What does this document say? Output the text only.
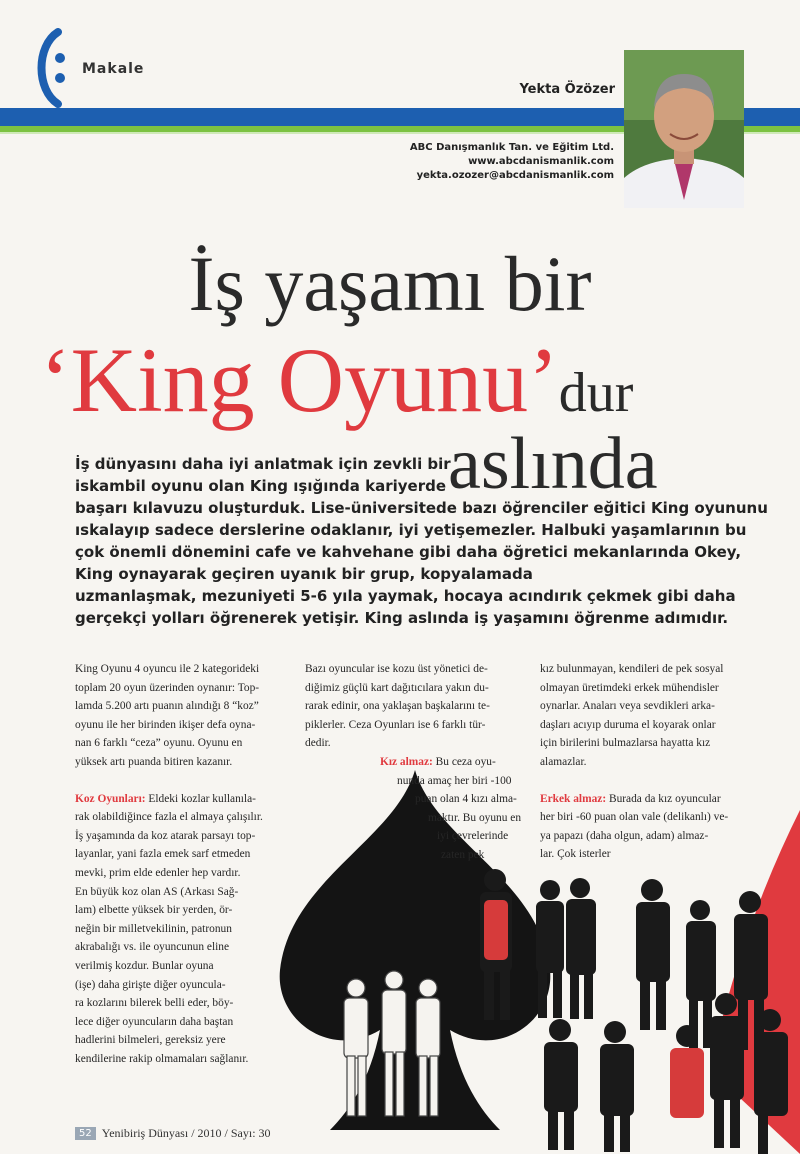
Makale
Yekta Özözer
ABC Danışmanlık Tan. ve Eğitim Ltd.
www.abcdanismanlik.com
yekta.ozozer@abcdanismanlik.com
İş yaşamı bir
‘King Oyunu’dur
aslında
İş dünyasını daha iyi anlatmak için zevkli bir
iskambil oyunu olan King ışığında kariyerde
başarı kılavuzu oluşturduk. Lise-üniversitede bazı öğrenciler eğitici King oyununu
ıskalayıp sadece derslerine odaklanır, iyi yetişemezler. Halbuki yaşamlarının bu
çok önemli dönemini cafe ve kahvehane gibi daha öğretici mekanlarında Okey,
King oynayarak geçiren uyanık bir grup, kopyalamada
uzmanlaşmak, mezuniyeti 5-6 yıla yaymak, hocaya acındırık çekmek gibi daha
gerçekçi yolları öğrenerek yetişir. King aslında iş yaşamını öğrenme adımıdır.
King Oyunu 4 oyuncu ile 2 kategorideki
toplam 20 oyun üzerinden oynanır: Top-
lamda 5.200 artı puanın alındığı 8 “koz”
oyunu ile her birinden ikişer defa oyna-
nan 6 farklı “ceza” oyunu. Oyunu en
yüksek artı puanda bitiren kazanır.
Koz Oyunları: Eldeki kozlar kullanıla-
rak olabildiğince fazla el almaya çalışılır.
İş yaşamında da koz atarak parsayı top-
layanlar, yani fazla emek sarf etmeden
mevki, prim elde edenler hep vardır.
En büyük koz olan AS (Arkası Sağ-
lam) elbette yüksek bir yerden, ör-
neğin bir milletvekilinin, patronun
akrabalığı vs. ile oyuncunun eline
verilmiş kozdur. Bunlar oyuna
(işe) daha girişte diğer oyuncula-
ra kozlarını bilerek belli eder, böy-
lece diğer oyuncuların daha baştan
hadlerini bilmeleri, gereksiz yere
kendilerine rakip olmamaları sağlanır.
Bazı oyuncular ise kozu üst yönetici de-
diğimiz güçlü kart dağıtıcılara yakın du-
rarak edinir, ona yaklaşan başkalarını te-
piklerler. Ceza Oyunları ise 6 farklı tür-
dedir.
Kız almaz: Bu ceza oyu-
nunda amaç her biri -100
puan olan 4 kızı alma-
maktır. Bu oyunu en
iyi çevrelerinde
zaten pek
kız bulunmayan, kendileri de pek sosyal
olmayan üretimdeki erkek mühendisler
oynarlar. Anaları veya sevdikleri arka-
daşları acıyıp duruma el koyarak onlar
için birilerini bulmazlarsa hayatta kız
alamazlar.
Erkek almaz: Burada da kız oyuncular
her biri -60 puan olan vale (delikanlı) ve-
ya papazı (daha olgun, adam) almaz-
lar. Çok isterler
52 Yenibiriş Dünyası / 2010 / Sayı: 30
